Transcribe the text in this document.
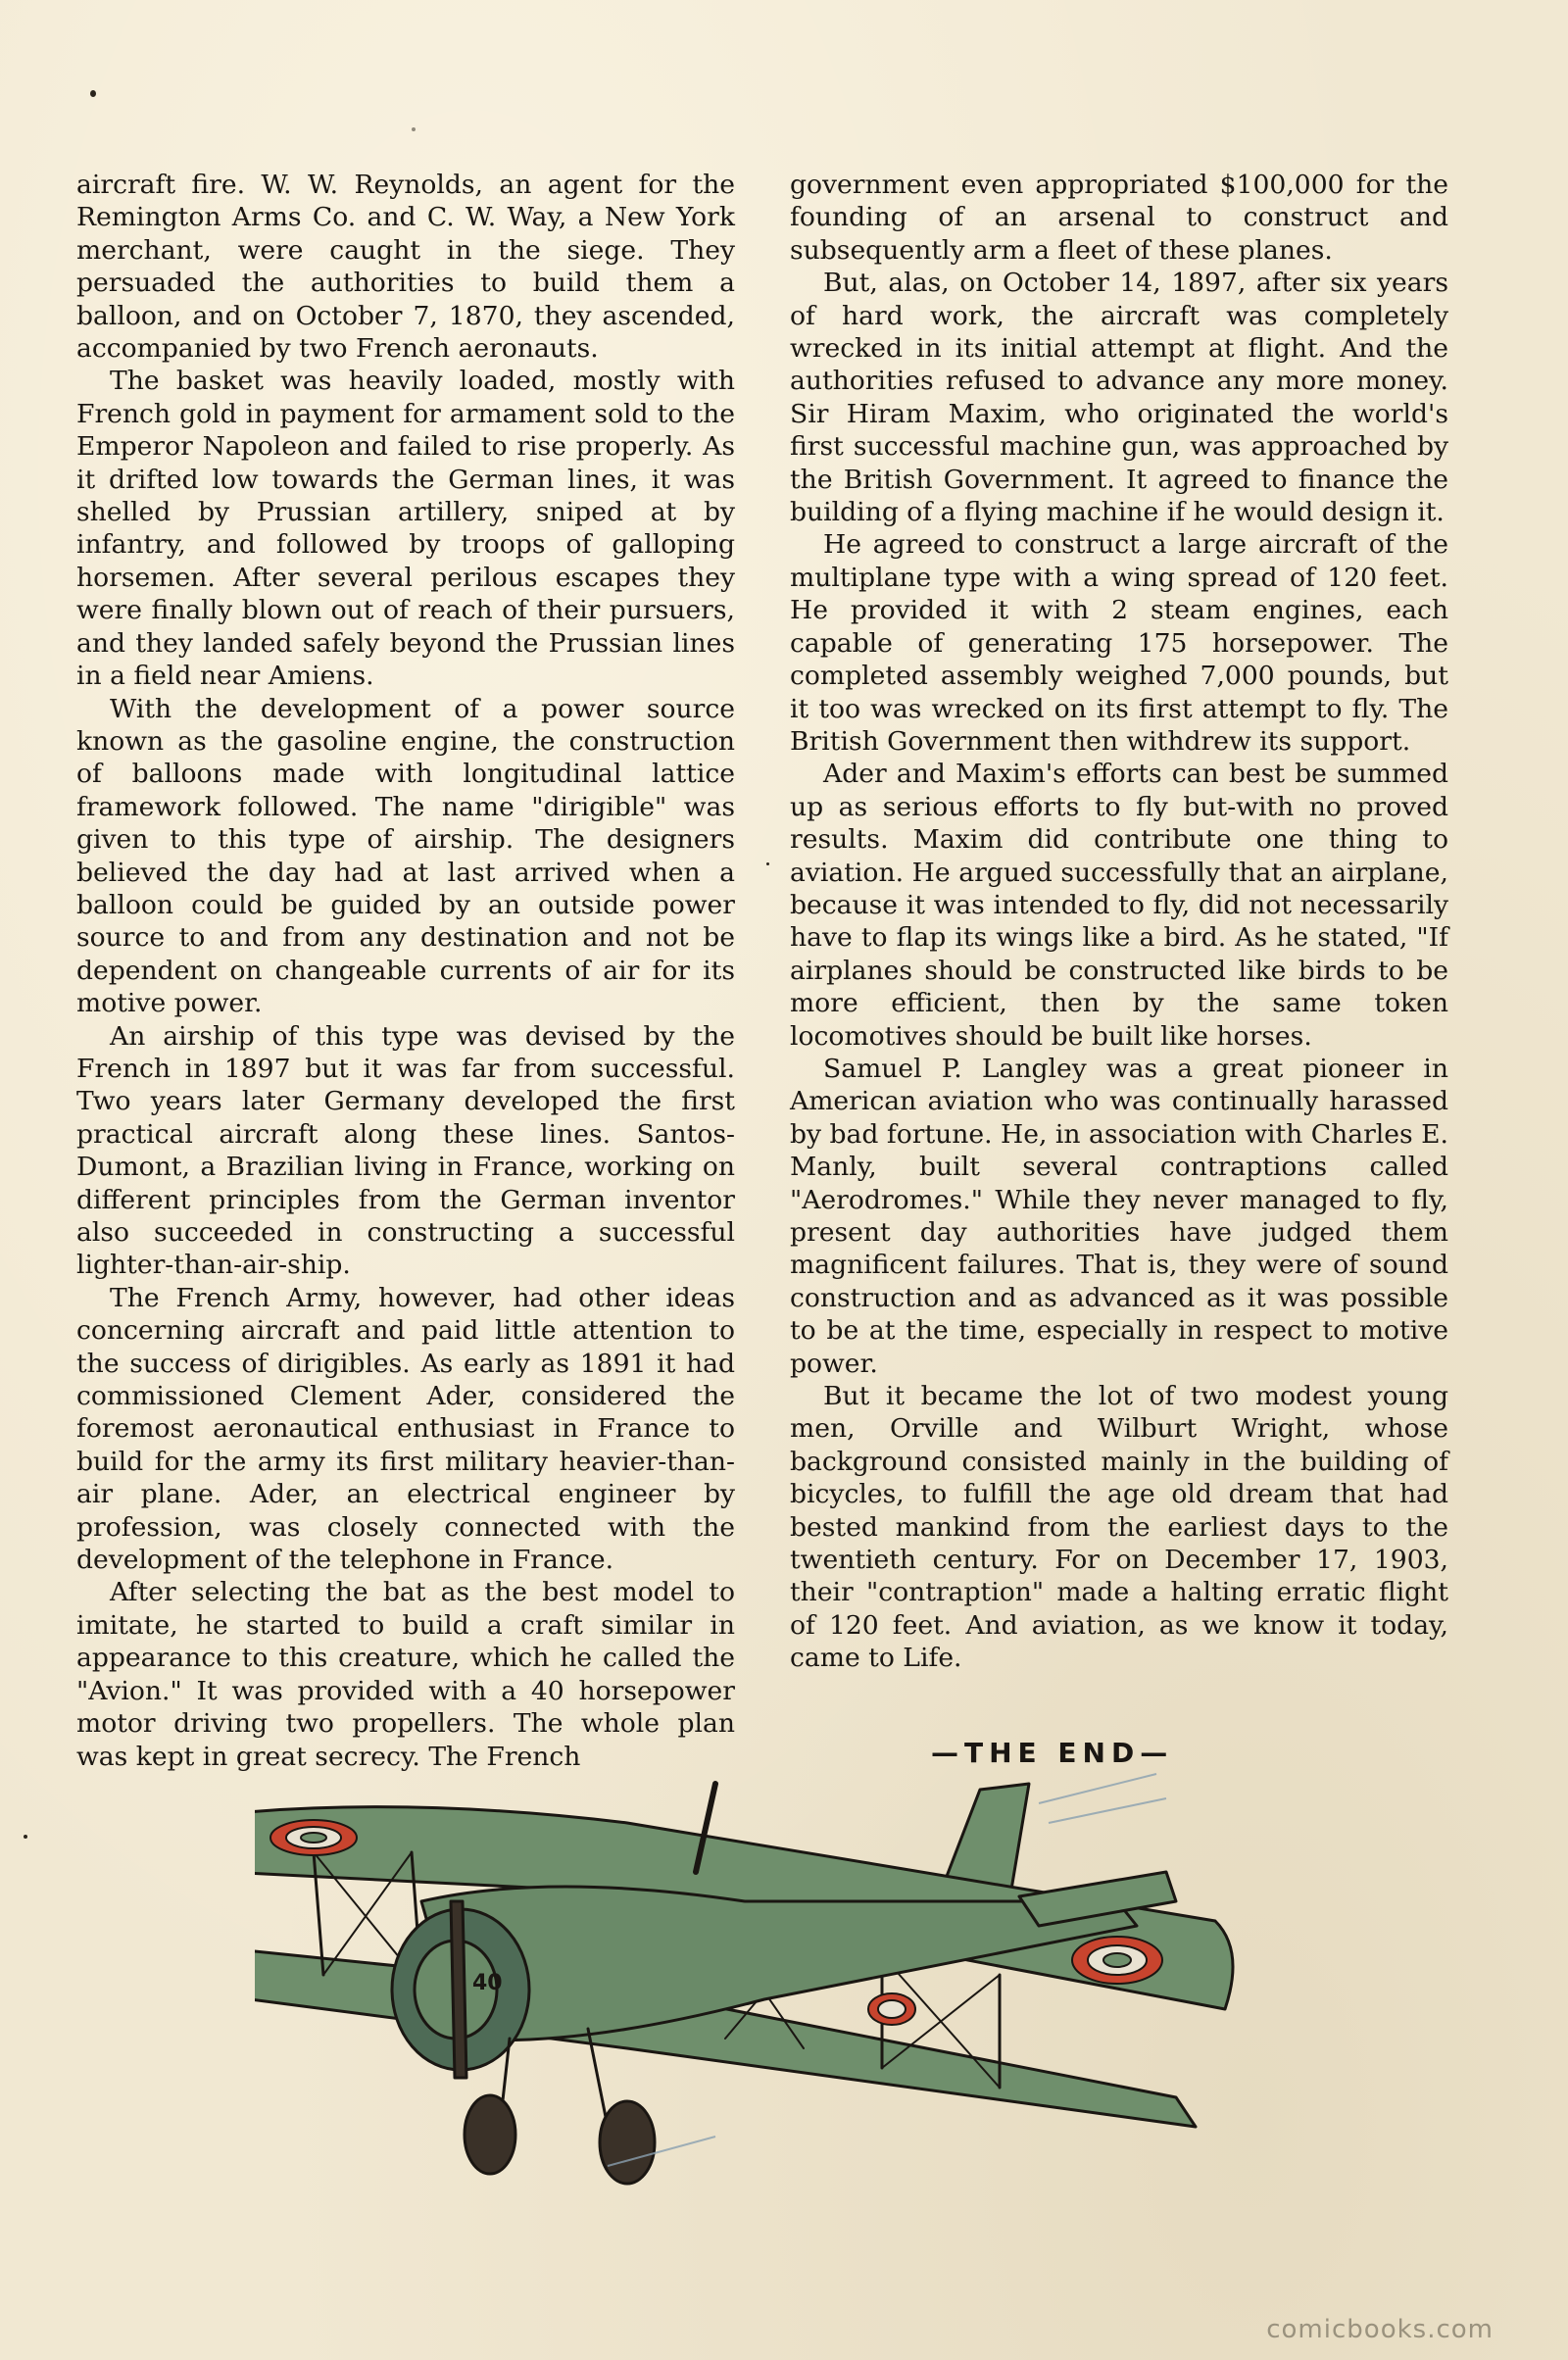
aircraft fire. W. W. Reynolds, an agent for the Remington Arms Co. and C. W. Way, a New York merchant, were caught in the siege. They persuaded the authorities to build them a balloon, and on October 7, 1870, they ascended, accompanied by two French aeronauts.

The basket was heavily loaded, mostly with French gold in payment for armament sold to the Emperor Napoleon and failed to rise properly. As it drifted low towards the German lines, it was shelled by Prussian artillery, sniped at by infantry, and followed by troops of galloping horsemen. After several perilous escapes they were finally blown out of reach of their pursuers, and they landed safely beyond the Prussian lines in a field near Amiens.

With the development of a power source known as the gasoline engine, the construction of balloons made with longitudinal lattice framework followed. The name "dirigible" was given to this type of airship. The designers believed the day had at last arrived when a balloon could be guided by an outside power source to and from any destination and not be dependent on changeable currents of air for its motive power.

An airship of this type was devised by the French in 1897 but it was far from successful. Two years later Germany developed the first practical aircraft along these lines. Santos-Dumont, a Brazilian living in France, working on different principles from the German inventor also succeeded in constructing a successful lighter-than-air-ship.

The French Army, however, had other ideas concerning aircraft and paid little attention to the success of dirigibles. As early as 1891 it had commissioned Clement Ader, considered the foremost aeronautical enthusiast in France to build for the army its first military heavier-than-air plane. Ader, an electrical engineer by profession, was closely connected with the development of the telephone in France.

After selecting the bat as the best model to imitate, he started to build a craft similar in appearance to this creature, which he called the "Avion." It was provided with a 40 horsepower motor driving two propellers. The whole plan was kept in great secrecy. The French

government even appropriated $100,000 for the founding of an arsenal to construct and subsequently arm a fleet of these planes.

But, alas, on October 14, 1897, after six years of hard work, the aircraft was completely wrecked in its initial attempt at flight. And the authorities refused to advance any more money. Sir Hiram Maxim, who originated the world's first successful machine gun, was approached by the British Government. It agreed to finance the building of a flying machine if he would design it.

He agreed to construct a large aircraft of the multiplane type with a wing spread of 120 feet. He provided it with 2 steam engines, each capable of generating 175 horsepower. The completed assembly weighed 7,000 pounds, but it too was wrecked on its first attempt to fly. The British Government then withdrew its support.

Ader and Maxim's efforts can best be summed up as serious efforts to fly but-with no proved results. Maxim did contribute one thing to aviation. He argued successfully that an airplane, because it was intended to fly, did not necessarily have to flap its wings like a bird. As he stated, "If airplanes should be constructed like birds to be more efficient, then by the same token locomotives should be built like horses.

Samuel P. Langley was a great pioneer in American aviation who was continually harassed by bad fortune. He, in association with Charles E. Manly, built several contraptions called "Aerodromes." While they never managed to fly, present day authorities have judged them magnificent failures. That is, they were of sound construction and as advanced as it was possible to be at the time, especially in respect to motive power.

But it became the lot of two modest young men, Orville and Wilburt Wright, whose background consisted mainly in the building of bicycles, to fulfill the age old dream that had bested mankind from the earliest days to the twentieth century. For on December 17, 1903, their "contraption" made a halting erratic flight of 120 feet. And aviation, as we know it today, came to Life.

—THE END—
40
comicbooks.com
